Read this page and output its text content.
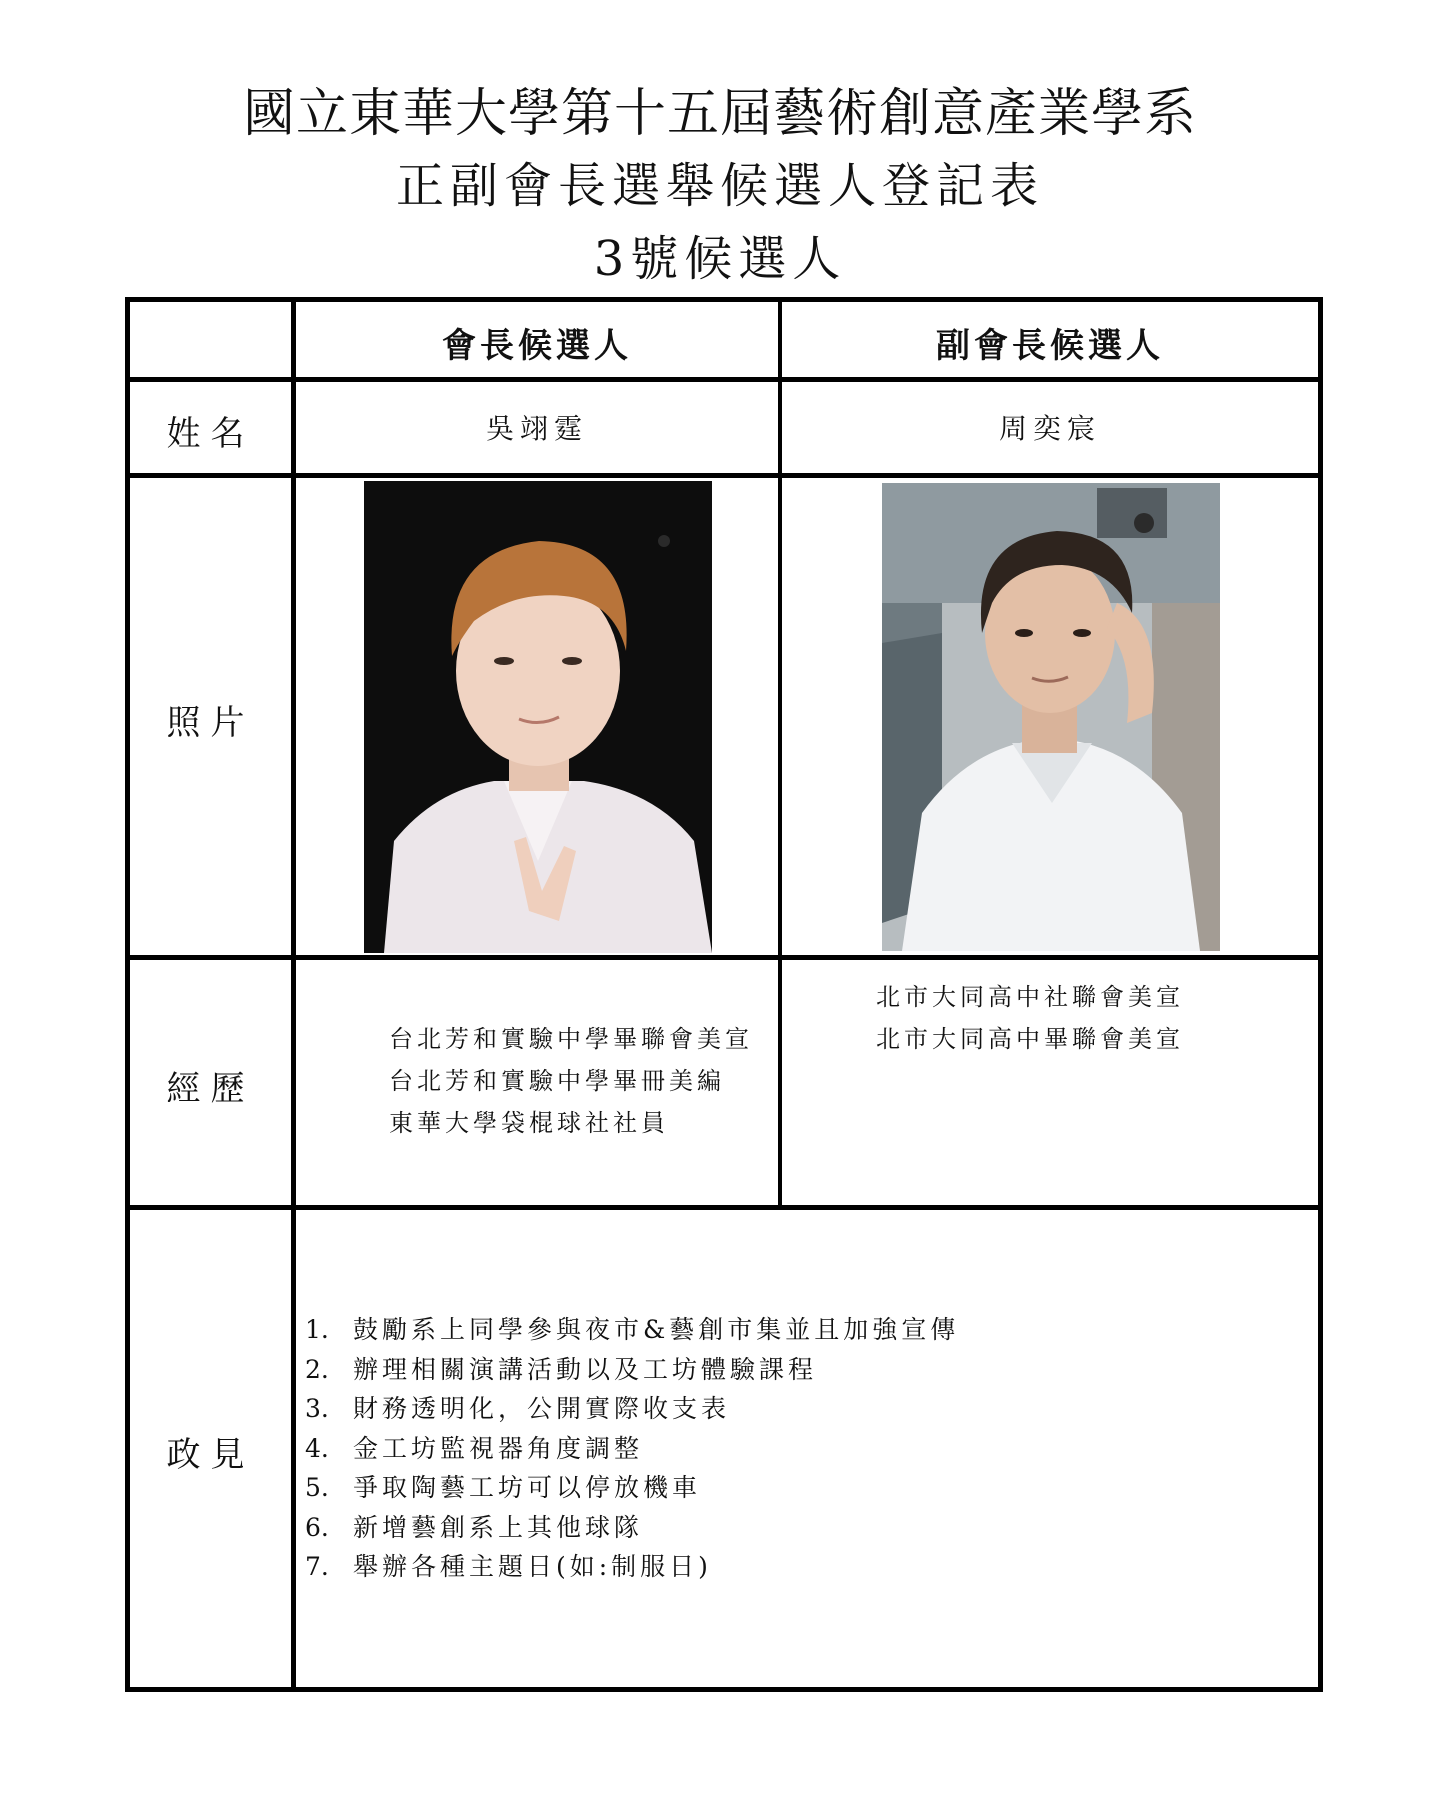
國立東華大學第十五屆藝術創意產業學系
正副會長選舉候選人登記表
3號候選人
會長候選人	副會長候選人
姓名
照片
經歷
政見
吳翊霆	周奕宸
台北芳和實驗中學畢聯會美宣
台北芳和實驗中學畢冊美編
東華大學袋棍球社社員
北市大同高中社聯會美宣
北市大同高中畢聯會美宣
1. 鼓勵系上同學參與夜市&藝創市集並且加強宣傳
2. 辦理相關演講活動以及工坊體驗課程
3. 財務透明化，公開實際收支表
4. 金工坊監視器角度調整
5. 爭取陶藝工坊可以停放機車
6. 新增藝創系上其他球隊
7. 舉辦各種主題日(如:制服日)
